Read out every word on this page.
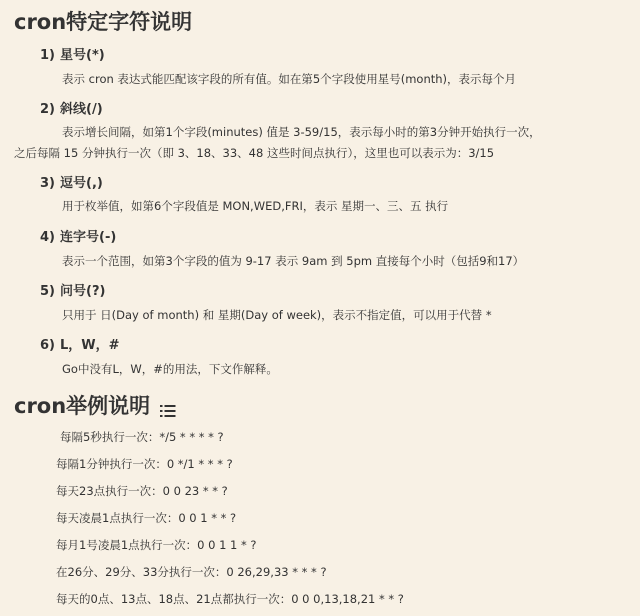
cron特定字符说明
1) 星号(*)
表示 cron 表达式能匹配该字段的所有值。如在第5个字段使用星号(month)，表示每个月
2) 斜线(/)
表示增长间隔，如第1个字段(minutes) 值是 3-59/15，表示每小时的第3分钟开始执行一次，
之后每隔 15 分钟执行一次（即 3、18、33、48 这些时间点执行），这里也可以表示为：3/15
3) 逗号(,)
用于枚举值，如第6个字段值是 MON,WED,FRI，表示 星期一、三、五 执行
4) 连字号(-)
表示一个范围，如第3个字段的值为 9-17 表示 9am 到 5pm 直接每个小时（包括9和17）
5) 问号(?)
只用于 日(Day of month) 和 星期(Day of week)，表示不指定值，可以用于代替 *
6) L，W，#
Go中没有L，W，#的用法，下文作解释。
cron举例说明
每隔5秒执行一次：*/5 * * * * ?
每隔1分钟执行一次：0 */1 * * * ?
每天23点执行一次：0 0 23 * * ?
每天凌晨1点执行一次：0 0 1 * * ?
每月1号凌晨1点执行一次：0 0 1 1 * ?
在26分、29分、33分执行一次：0 26,29,33 * * * ?
每天的0点、13点、18点、21点都执行一次：0 0 0,13,18,21 * * ?
